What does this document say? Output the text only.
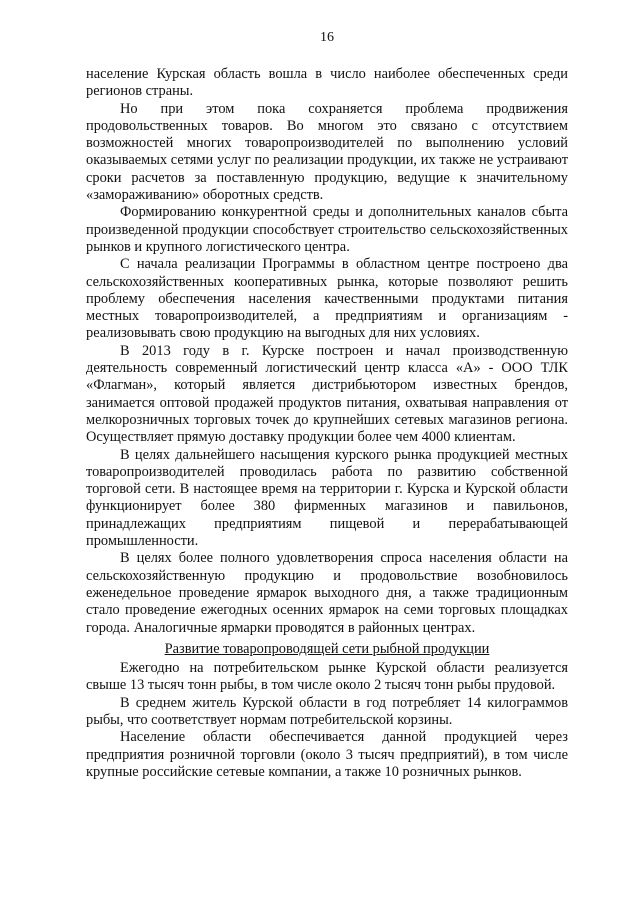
16

население Курская область вошла в число наиболее обеспеченных среди регионов страны.

Но при этом пока сохраняется проблема продвижения продовольственных товаров. Во многом это связано с отсутствием возможностей многих товаропроизводителей по выполнению условий оказываемых сетями услуг по реализации продукции, их также не устраивают сроки расчетов за поставленную продукцию, ведущие к значительному «замораживанию» оборотных средств.

Формированию конкурентной среды и дополнительных каналов сбыта произведенной продукции способствует строительство сельскохозяйственных рынков и крупного логистического центра.

С начала реализации Программы в областном центре построено два сельскохозяйственных кооперативных рынка, которые позволяют решить проблему обеспечения населения качественными продуктами питания местных товаропроизводителей, а предприятиям и организациям - реализовывать свою продукцию на выгодных для них условиях.

В 2013 году в г. Курске построен и начал производственную деятельность современный логистический центр класса «А» - ООО ТЛК «Флагман», который является дистрибьютором известных брендов, занимается оптовой продажей продуктов питания, охватывая направления от мелкорозничных торговых точек до крупнейших сетевых магазинов региона. Осуществляет прямую доставку продукции более чем 4000 клиентам.

В целях дальнейшего насыщения курского рынка продукцией местных товаропроизводителей проводилась работа по развитию собственной торговой сети. В настоящее время на территории г. Курска и Курской области функционирует более 380 фирменных магазинов и павильонов, принадлежащих предприятиям пищевой и перерабатывающей промышленности.

В целях более полного удовлетворения спроса населения области на сельскохозяйственную продукцию и продовольствие возобновилось еженедельное проведение ярмарок выходного дня, а также традиционным стало проведение ежегодных осенних ярмарок на семи торговых площадках города. Аналогичные ярмарки проводятся в районных центрах.

Развитие товаропроводящей сети рыбной продукции

Ежегодно на потребительском рынке Курской области реализуется свыше 13 тысяч тонн рыбы, в том числе около 2 тысяч тонн рыбы прудовой.

В среднем житель Курской области в год потребляет 14 килограммов рыбы, что соответствует нормам потребительской корзины.

Население области обеспечивается данной продукцией через предприятия розничной торговли (около 3 тысяч предприятий), в том числе крупные российские сетевые компании, а также 10 розничных рынков.
